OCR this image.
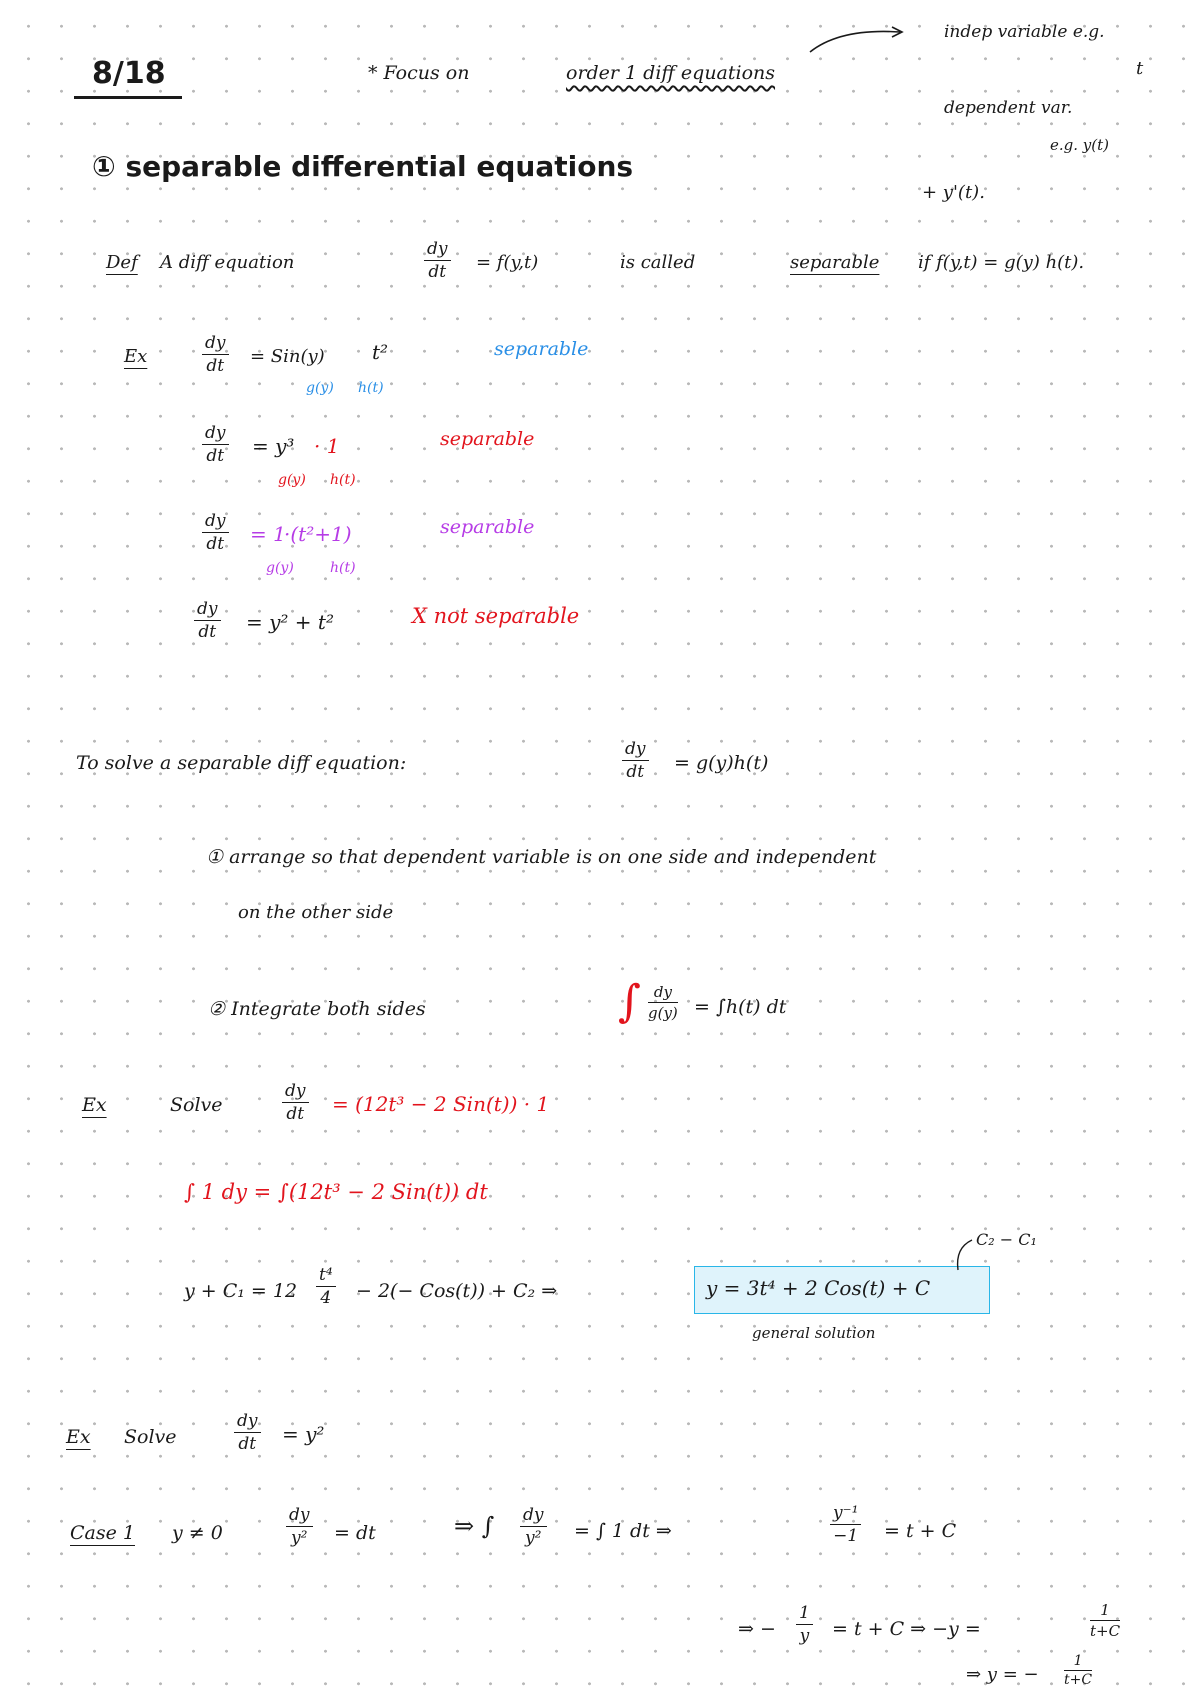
8/18	* Focus on	order 1 diff equations
indep variable e.g.
t
dependent var.
e.g. y(t)
+ y'(t).
① separable differential equations
Def A diff equation	$\frac{dy}{dt} = f(y,t)$	is called	separable if f(y,t) = g(y) h(t).
Ex	$\frac{dy}{dt} = Sin(y)$ t²
g(y) h(t)
separable
$\frac{dy}{dt} = y^3 \cdot 1$
g(y) h(t)
separable
$\frac{dy}{dt} = 1$
·(t²+1)
g(y)	h(t)
separable
$\frac{dy}{dt} = y^2 + t^2$	X not separable
To solve a separable diff equation:	$\frac{dy}{dt} = g(y)h(t)$
① arrange so that dependent variable is on one side and independent
on the other side
② Integrate both sides	∫ $\frac{dy}{g(y)} = \int h(t)$ dt
Ex	Solve	$\frac{dy}{dt} = (12t^3 - 2$ Sin(t)) · 1
∫ 1 dy = ∫(12t³ − 2 Sin(t)) dt
$y + C_1 = 12 \frac{\text{t⁴}}{4} - 2(- Cos(t)) + C_2$ ⇒	y = 3t⁴ + 2 Cos(t) + C
general solution
C₂ − C₁
Ex Solve	$\frac{dy}{dt} = y^2$
Case 1 y ≠ 0	$\frac{dy}{\text{y²}}$ = dt	⇒ ∫ $\frac{dy}{\text{y²}}$ = ∫ 1 dt ⇒	$\frac{\text{y⁻¹}}{-1} = t + C$
⇒ − $\frac{1}{y} = t + C$ ⇒ −y =	$\frac{1}{t+C}$
⇒ y = − $\frac{1}{t+C}$
